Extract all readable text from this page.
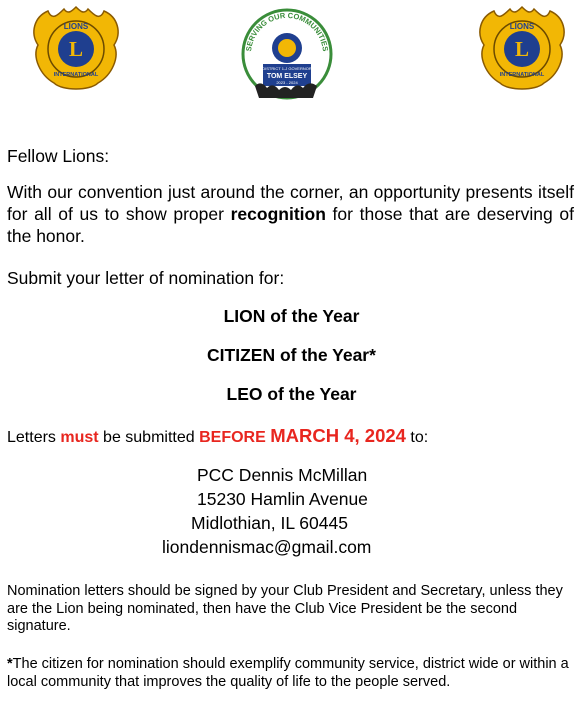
L
LIONS
INTERNATIONAL
SERVING OUR COMMUNITIES
DISTRICT 1-J GOVERNOR
TOM ELSEY
2023 - 2024
L
LIONS
INTERNATIONAL

Fellow Lions:

With our convention just around the corner, an opportunity presents itself for all of us to show proper recognition for those that are deserving of the honor.

Submit your letter of nomination for:

LION of the Year
CITIZEN of the Year*
LEO of the Year

Letters must be submitted BEFORE MARCH 4, 2024 to:

PCC Dennis McMillan
15230 Hamlin Avenue
Midlothian, IL 60445
liondennismac@gmail.com

Nomination letters should be signed by your Club President and Secretary, unless they are the Lion being nominated, then have the Club Vice President be the second signature.

*The citizen for nomination should exemplify community service, district wide or within a local community that improves the quality of life to the people served.
